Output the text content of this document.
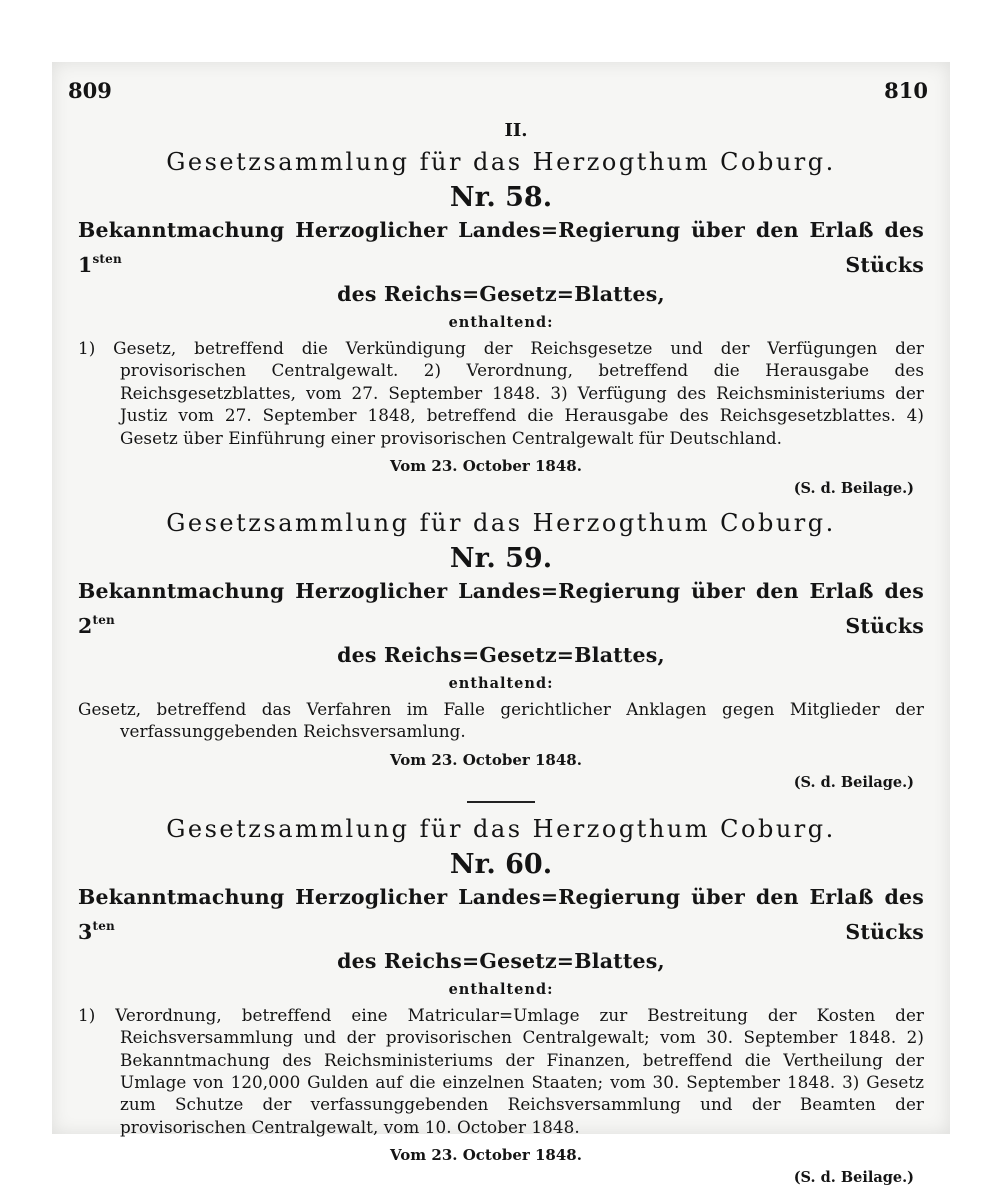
809	810
II.
Gesetzsammlung für das Herzogthum Coburg.
Nr. 58.
Bekanntmachung Herzoglicher Landes=Regierung über den Erlaß des $1^{sten}$ Stücks
des Reichs=Gesetz=Blattes,
enthaltend:
1) Gesetz, betreffend die Verkündigung der Reichsgesetze und der Verfügungen der provisorischen Centralgewalt. 2) Verordnung, betreffend die Herausgabe des Reichsgesetzblattes, vom 27. September 1848. 3) Verfügung des Reichsministeriums der Justiz vom 27. September 1848, betreffend die Herausgabe des Reichsgesetzblattes. 4) Gesetz über Einführung einer provisorischen Centralgewalt für Deutschland.
Vom 23. October 1848.
(S. d. Beilage.)
Gesetzsammlung für das Herzogthum Coburg.
Nr. 59.
Bekanntmachung Herzoglicher Landes=Regierung über den Erlaß des $2^{ten}$ Stücks
des Reichs=Gesetz=Blattes,
enthaltend:
Gesetz, betreffend das Verfahren im Falle gerichtlicher Anklagen gegen Mitglieder der verfassunggebenden Reichsversamlung.
Vom 23. October 1848.
(S. d. Beilage.)
Gesetzsammlung für das Herzogthum Coburg.
Nr. 60.
Bekanntmachung Herzoglicher Landes=Regierung über den Erlaß des $3^{ten}$ Stücks
des Reichs=Gesetz=Blattes,
enthaltend:
1) Verordnung, betreffend eine Matricular=Umlage zur Bestreitung der Kosten der Reichsversammlung und der provisorischen Centralgewalt; vom 30. September 1848. 2) Bekanntmachung des Reichsministeriums der Finanzen, betreffend die Vertheilung der Umlage von 120,000 Gulden auf die einzelnen Staaten; vom 30. September 1848. 3) Gesetz zum Schutze der verfassunggebenden Reichsversammlung und der Beamten der provisorischen Centralgewalt, vom 10. October 1848.
Vom 23. October 1848.
(S. d. Beilage.)
